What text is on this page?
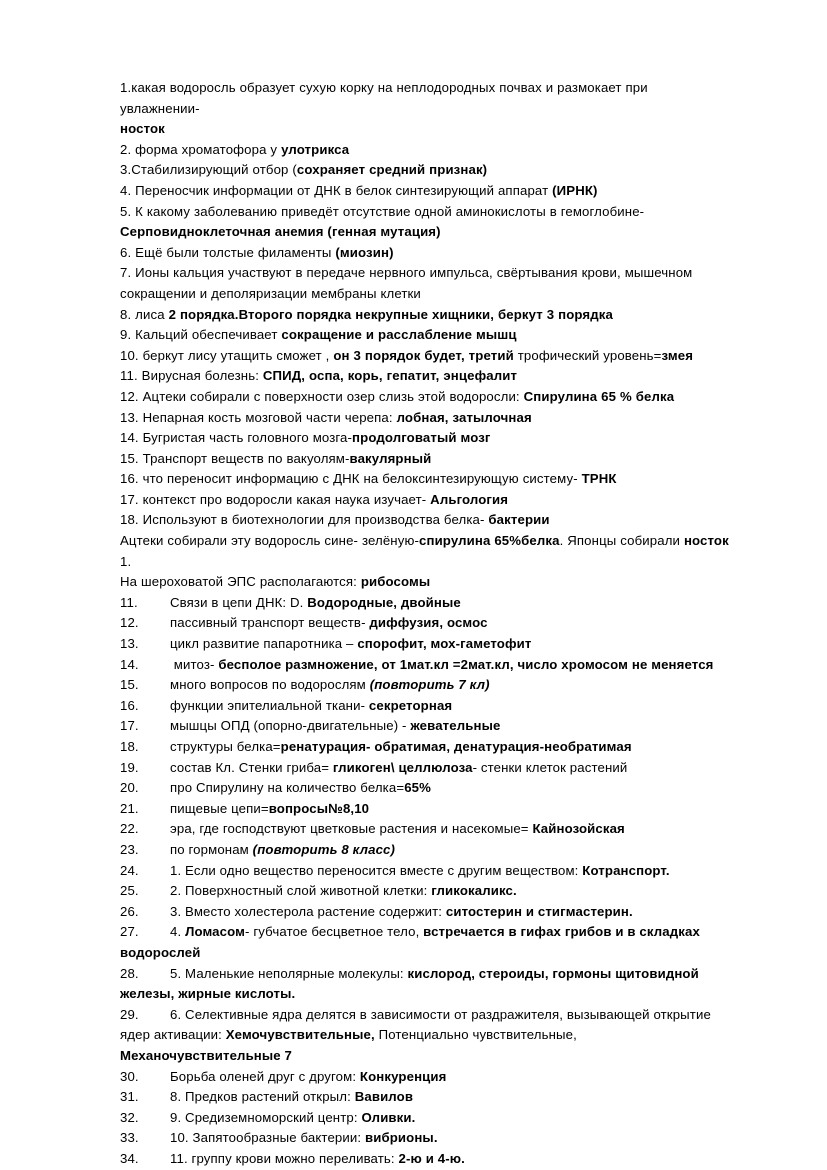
1.какая водоросль образует сухую корку на неплодородных почвах и размокает при увлажнении-
носток
2. форма хроматофора у улотрикса
3.Стабилизирующий отбор (сохраняет средний признак)
4. Переносчик информации от ДНК в белок синтезирующий аппарат (ИРНК)
5. К какому заболеванию приведёт отсутствие одной аминокислоты в гемоглобине-
Серповидноклеточная анемия (генная мутация)
6. Ещё были толстые филаменты (миозин)
7. Ионы кальция участвуют в передаче нервного импульса, свёртывания крови, мышечном сокращении и деполяризации мембраны клетки
8. лиса 2 порядка.Второго порядка некрупные хищники, беркут 3 порядка
9. Кальций обеспечивает сокращение и расслабление мышц
10. беркут лису утащить сможет , он 3 порядок будет, третий трофический уровень=змея
11. Вирусная болезнь: СПИД, оспа, корь, гепатит, энцефалит
12. Ацтеки собирали с поверхности озер слизь этой водоросли: Спирулина 65 % белка
13. Непарная кость мозговой части черепа: лобная, затылочная
14. Бугристая часть головного мозга-продолговатый мозг
15. Транспорт веществ по вакуолям-вакулярный
16. что переносит информацию с ДНК на белоксинтезирующую систему- ТРНК
17. контекст про водоросли какая наука изучает- Альгология
18. Используют в биотехнологии для производства белка- бактерии
Ацтеки собирали эту водоросль сине- зелёную-спирулина 65%белка. Японцы собирали носток 1.
На шероховатой ЭПС располагаются: рибосомы
11. Связи в цепи ДНК: D. Водородные, двойные
12. пассивный транспорт веществ- диффузия, осмос
13. цикл развитие папаротника – спорофит, мох-гаметофит
14. митоз- бесполое размножение, от 1мат.кл =2мат.кл, число хромосом не меняется
15. много вопросов по водорослям (повторить 7 кл)
16. функции эпителиальной ткани- секреторная
17. мышцы ОПД (опорно-двигательные) - жевательные
18. структуры белка=ренатурация- обратимая, денатурация-необратимая
19. состав Кл. Стенки гриба= гликоген\ целлюлоза- стенки клеток растений
20. про Спирулину на количество белка=65%
21. пищевые цепи=вопросы№8,10
22. эра, где господствуют цветковые растения и насекомые= Кайнозойская
23. по гормонам (повторить 8 класс)
24. 1. Если одно вещество переносится вместе с другим веществом: Котранспорт.
25. 2. Поверхностный слой животной клетки: гликокаликс.
26. 3. Вместо холестерола растение содержит: ситостерин и стигмастерин.
27. 4. Ломасом- губчатое бесцветное тело, встречается в гифах грибов и в складках водорослей
28. 5. Маленькие неполярные молекулы: кислород, стероиды, гормоны щитовидной железы, жирные кислоты.
29. 6. Селективные ядра делятся в зависимости от раздражителя, вызывающей открытие ядер активации: Хемочувствительные, Потенциально чувствительные, Механочувствительные 7
30. Борьба оленей друг с другом: Конкуренция
31. 8. Предков растений открыл: Вавилов
32. 9. Средиземноморский центр: Оливки.
33. 10. Запятообразные бактерии: вибрионы.
34. 11. группу крови можно переливать: 2-ю и 4-ю.
